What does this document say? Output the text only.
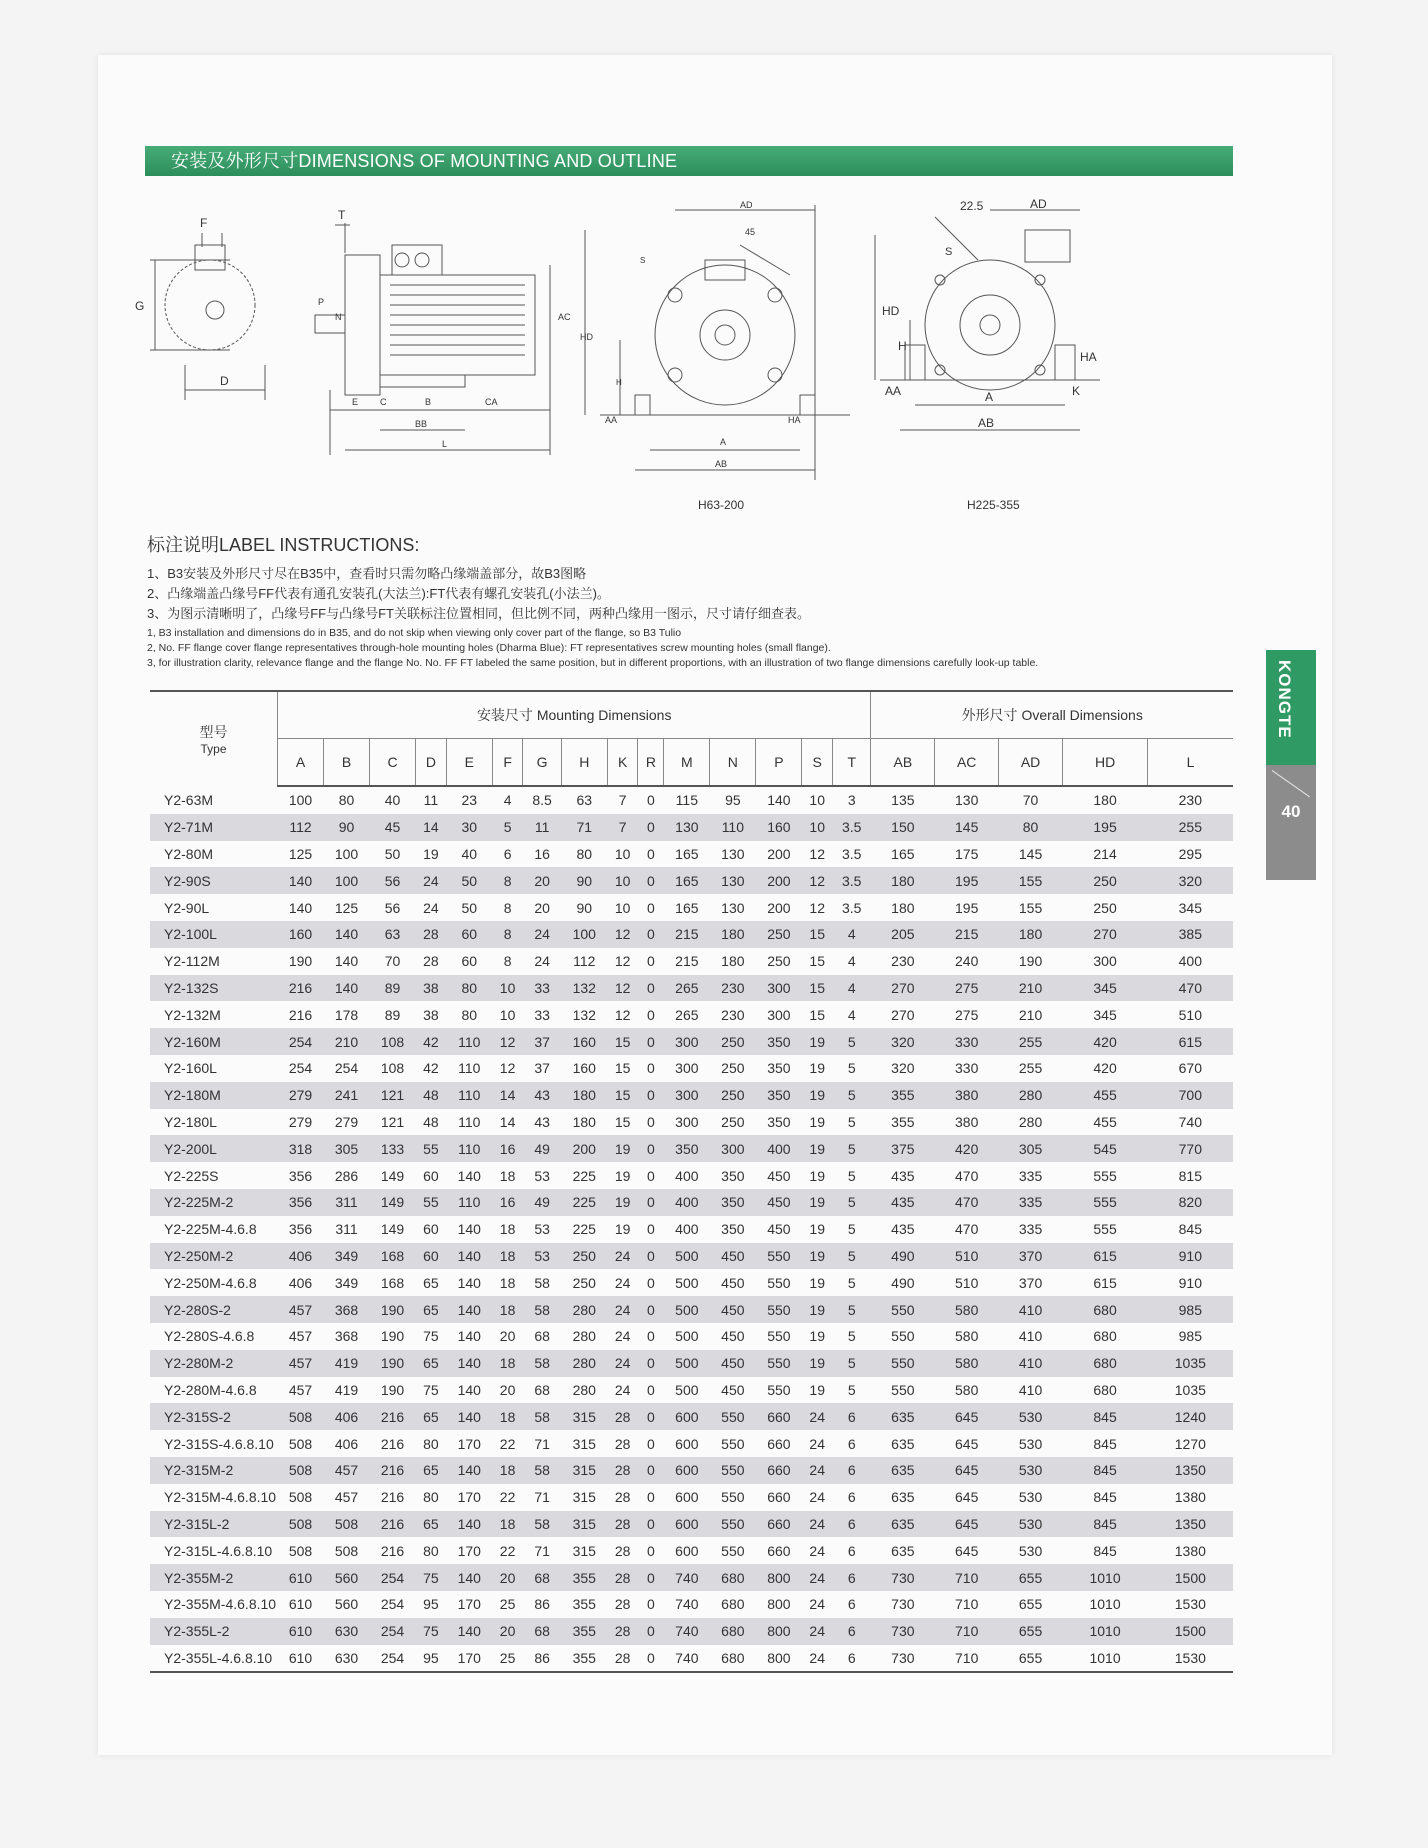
安装及外形尺寸DIMENSIONS OF MOUNTING AND OUTLINE
F
G
D
T
P
N	AC
E C	B	CA
BB
L
AD
45
S
HD
H
AA
A
AB
HA
H63-200
AD
22.5
S
HD
H
AA	A
AB
HA
K
H225-355
标注说明LABEL INSTRUCTIONS:
1、B3安装及外形尺寸尽在B35中，查看时只需勿略凸缘端盖部分，故B3图略
2、凸缘端盖凸缘号FF代表有通孔安装孔(大法兰):FT代表有螺孔安装孔(小法兰)。
3、为图示清晰明了，凸缘号FF与凸缘号FT关联标注位置相同，但比例不同，两种凸缘用一图示，尺寸请仔细查表。
1, B3 installation and dimensions do in B35, and do not skip when viewing only cover part of the flange, so B3 Tulio
2, No. FF flange cover flange representatives through-hole mounting holes (Dharma Blue): FT representatives screw mounting holes (small flange).
3, for illustration clarity, relevance flange and the flange No. No. FF FT labeled the same position, but in different proportions, with an illustration of two flange dimensions carefully look-up table.	KONGTE
40
型号
Type	安装尺寸 Mounting Dimensions															外形尺寸 Overall Dimensions				
	A	B	C	D	E	F	G	H	K	R	M	N	P	S	T	AB	AC	AD	HD	L
Y2-63M	100	80	40	11	23	4	8.5	63	7	0	115	95	140	10	3	135	130	70	180	230
Y2-71M	112	90	45	14	30	5	11	71	7	0	130	110	160	10	3.5	150	145	80	195	255
Y2-80M	125	100	50	19	40	6	16	80	10	0	165	130	200	12	3.5	165	175	145	214	295
Y2-90S	140	100	56	24	50	8	20	90	10	0	165	130	200	12	3.5	180	195	155	250	320
Y2-90L	140	125	56	24	50	8	20	90	10	0	165	130	200	12	3.5	180	195	155	250	345
Y2-100L	160	140	63	28	60	8	24	100	12	0	215	180	250	15	4	205	215	180	270	385
Y2-112M	190	140	70	28	60	8	24	112	12	0	215	180	250	15	4	230	240	190	300	400
Y2-132S	216	140	89	38	80	10	33	132	12	0	265	230	300	15	4	270	275	210	345	470
Y2-132M	216	178	89	38	80	10	33	132	12	0	265	230	300	15	4	270	275	210	345	510
Y2-160M	254	210	108	42	110	12	37	160	15	0	300	250	350	19	5	320	330	255	420	615
Y2-160L	254	254	108	42	110	12	37	160	15	0	300	250	350	19	5	320	330	255	420	670
Y2-180M	279	241	121	48	110	14	43	180	15	0	300	250	350	19	5	355	380	280	455	700
Y2-180L	279	279	121	48	110	14	43	180	15	0	300	250	350	19	5	355	380	280	455	740
Y2-200L	318	305	133	55	110	16	49	200	19	0	350	300	400	19	5	375	420	305	545	770
Y2-225S	356	286	149	60	140	18	53	225	19	0	400	350	450	19	5	435	470	335	555	815
Y2-225M-2	356	311	149	55	110	16	49	225	19	0	400	350	450	19	5	435	470	335	555	820
Y2-225M-4.6.8	356	311	149	60	140	18	53	225	19	0	400	350	450	19	5	435	470	335	555	845
Y2-250M-2	406	349	168	60	140	18	53	250	24	0	500	450	550	19	5	490	510	370	615	910
Y2-250M-4.6.8	406	349	168	65	140	18	58	250	24	0	500	450	550	19	5	490	510	370	615	910
Y2-280S-2	457	368	190	65	140	18	58	280	24	0	500	450	550	19	5	550	580	410	680	985
Y2-280S-4.6.8	457	368	190	75	140	20	68	280	24	0	500	450	550	19	5	550	580	410	680	985
Y2-280M-2	457	419	190	65	140	18	58	280	24	0	500	450	550	19	5	550	580	410	680	1035
Y2-280M-4.6.8	457	419	190	75	140	20	68	280	24	0	500	450	550	19	5	550	580	410	680	1035
Y2-315S-2	508	406	216	65	140	18	58	315	28	0	600	550	660	24	6	635	645	530	845	1240
Y2-315S-4.6.8.10	508	406	216	80	170	22	71	315	28	0	600	550	660	24	6	635	645	530	845	1270
Y2-315M-2	508	457	216	65	140	18	58	315	28	0	600	550	660	24	6	635	645	530	845	1350
Y2-315M-4.6.8.10	508	457	216	80	170	22	71	315	28	0	600	550	660	24	6	635	645	530	845	1380
Y2-315L-2	508	508	216	65	140	18	58	315	28	0	600	550	660	24	6	635	645	530	845	1350
Y2-315L-4.6.8.10	508	508	216	80	170	22	71	315	28	0	600	550	660	24	6	635	645	530	845	1380
Y2-355M-2	610	560	254	75	140	20	68	355	28	0	740	680	800	24	6	730	710	655	1010	1500
Y2-355M-4.6.8.10	610	560	254	95	170	25	86	355	28	0	740	680	800	24	6	730	710	655	1010	1530
Y2-355L-2	610	630	254	75	140	20	68	355	28	0	740	680	800	24	6	730	710	655	1010	1500
Y2-355L-4.6.8.10	610	630	254	95	170	25	86	355	28	0	740	680	800	24	6	730	710	655	1010	1530
